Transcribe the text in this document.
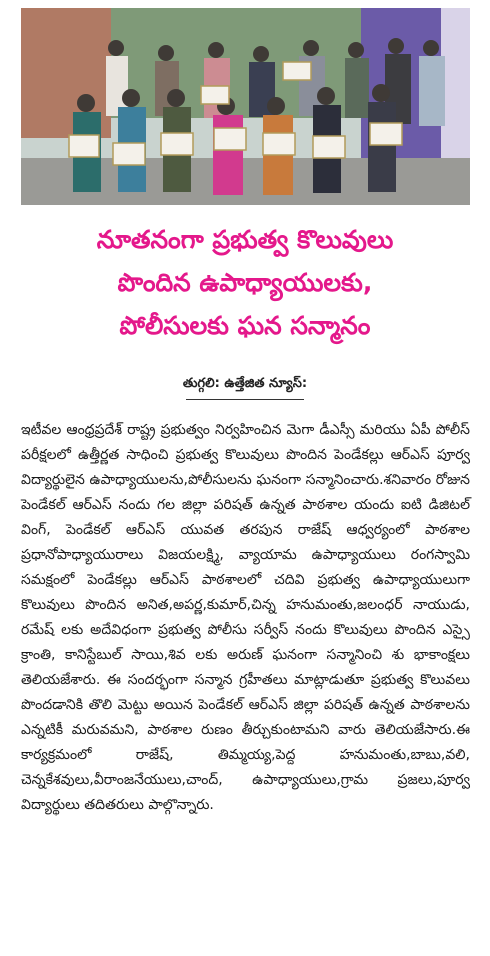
నూతనంగా ప్రభుత్వ కొలువులు
పొందిన ఉపాధ్యాయులకు,
పోలీసులకు ఘన సన్మానం
తుగ్గలి: ఉత్తేజిత న్యూస్:
ఇటీవల ఆంధ్రప్రదేశ్ రాష్ట్ర ప్రభుత్వం నిర్వహించిన మెగా డీఎస్సీ మరియు ఏపీ పోలీస్ పరీక్షలలో ఉత్తీర్ణత సాధించి ప్రభుత్వ కొలువులు పొందిన పెండేకల్లు ఆర్ఎస్ పూర్వ విద్యార్థులైన ఉపాధ్యాయులను,పోలీసులను ఘనంగా సన్మానించారు.శనివారం రోజున పెండేకల్ ఆర్ఎస్ నందు గల జిల్లా పరిషత్ ఉన్నత పాఠశాల యందు ఐటి డిజిటల్ వింగ్, పెండేకల్ ఆర్ఎస్ యువత తరపున రాజేష్ ఆధ్వర్యంలో పాఠశాల ప్రధానోపాధ్యాయురాలు విజయలక్ష్మి, వ్యాయామ ఉపాధ్యాయులు రంగస్వామి సమక్షంలో పెండేకల్లు ఆర్ఎస్ పాఠశాలలో చదివి ప్రభుత్వ ఉపాధ్యాయులుగా కొలువులు పొందిన అనిత,అపర్ణ,కుమార్,చిన్న హనుమంతు,జలంధర్ నాయుడు, రమేష్ లకు అదేవిధంగా ప్రభుత్వ పోలీసు సర్వీస్ నందు కొలువులు పొందిన ఎస్సై క్రాంతి, కానిస్టేబుల్ సాయి,శివ లకు అరుణ్ ఘనంగా సన్మానించి శు భాకాంక్షలు తెలియజేశారు. ఈ సందర్భంగా సన్మాన గ్రహీతలు మాట్లాడుతూ ప్రభుత్వ కొలువలు పొందడానికి తొలి మెట్టు అయిన పెండేకల్ ఆర్ఎస్ జిల్లా పరిషత్ ఉన్నత పాఠశాలను ఎన్నటికీ మరువమని, పాఠశాల రుణం తీర్చుకుంటామని వారు తెలియజేసారు.ఈ కార్యక్రమంలో రాజేష్, తిమ్మయ్య,పెద్ద హనుమంతు,బాబు,వలి, చెన్నకేశవులు,వీరాంజనేయులు,చాంద్, ఉపాధ్యాయులు,గ్రామ ప్రజలు,పూర్వ విద్యార్థులు తదితరులు పాల్గొన్నారు.
